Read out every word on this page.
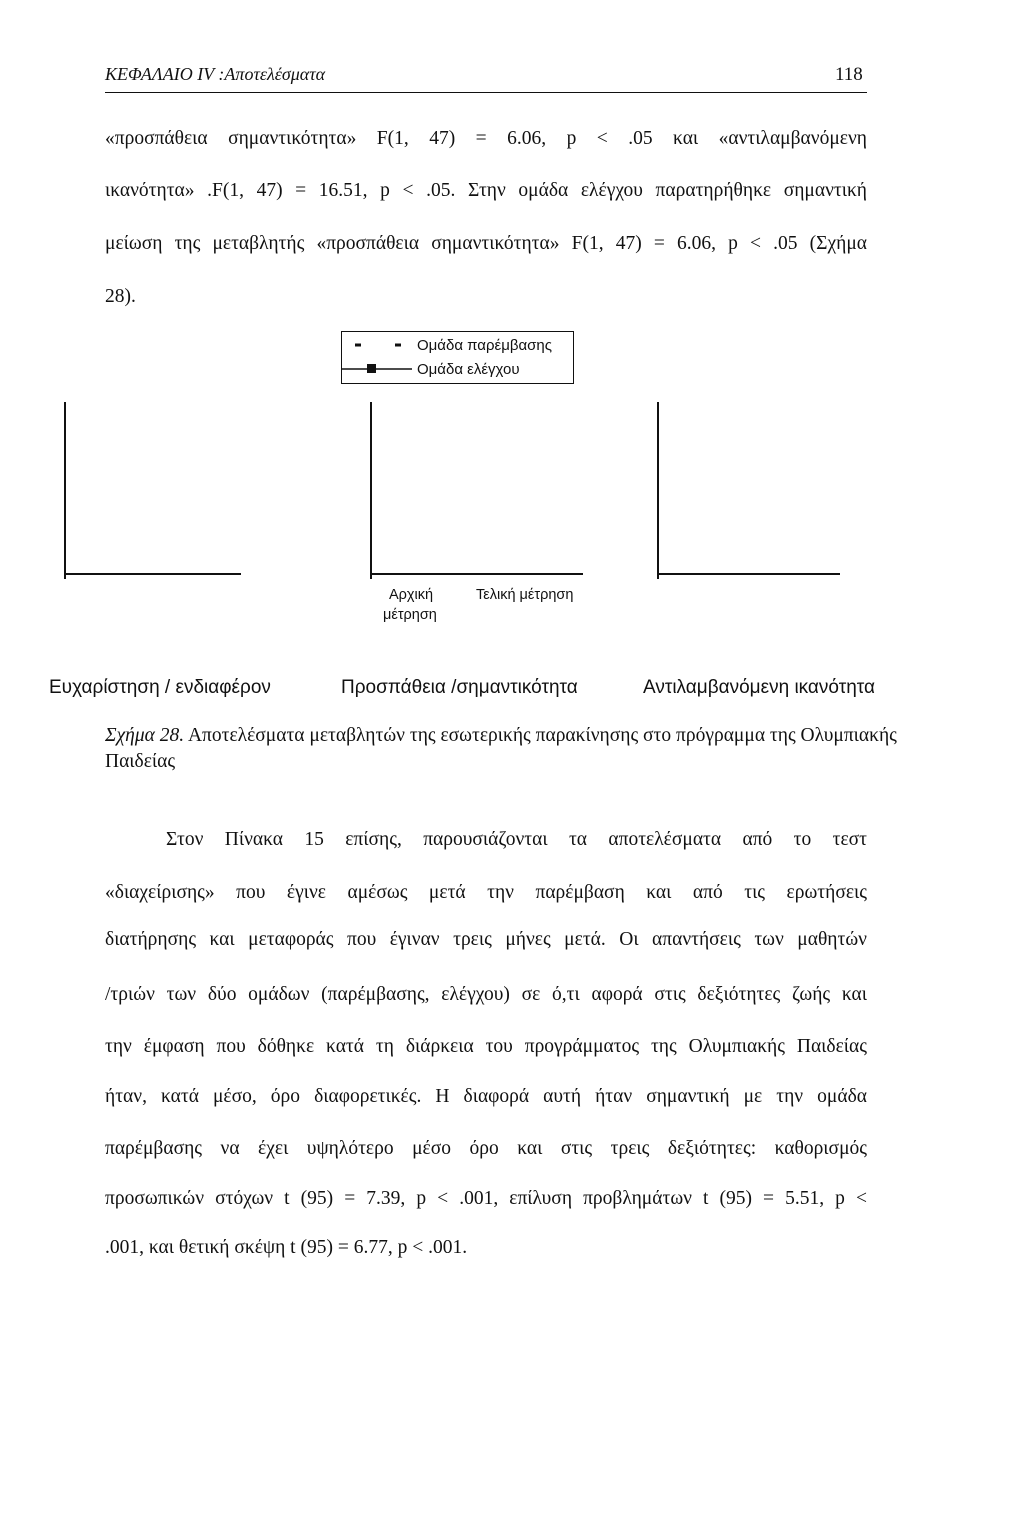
ΚΕΦΑΛΑΙΟ IV :Αποτελέσματα	118
«προσπάθεια σημαντικότητα» F(1, 47) = 6.06, p < .05 και «αντιλαμβανόμενη
ικανότητα» .F(1, 47) = 16.51, p < .05. Στην ομάδα ελέγχου παρατηρήθηκε σημαντική
μείωση της μεταβλητής «προσπάθεια σημαντικότητα» F(1, 47) = 6.06, p < .05 (Σχήμα
28).
Ομάδα παρέμβασης
Ομάδα ελέγχου
Αρχική
μέτρηση
Τελική μέτρηση
Ευχαρίστηση / ενδιαφέρον	Προσπάθεια /σημαντικότητα	Αντιλαμβανόμενη ικανότητα
Σχήμα 28. Αποτελέσματα μεταβλητών της εσωτερικής παρακίνησης στο πρόγραμμα της Ολυμπιακής
Παιδείας
Στον Πίνακα 15 επίσης, παρουσιάζονται τα αποτελέσματα από το τεστ
«διαχείρισης» που έγινε αμέσως μετά την παρέμβαση και από τις ερωτήσεις
διατήρησης και μεταφοράς που έγιναν τρεις μήνες μετά. Οι απαντήσεις των μαθητών
/τριών των δύο ομάδων (παρέμβασης, ελέγχου) σε ό,τι αφορά στις δεξιότητες ζωής και
την έμφαση που δόθηκε κατά τη διάρκεια του προγράμματος της Ολυμπιακής Παιδείας
ήταν, κατά μέσο, όρο διαφορετικές. Η διαφορά αυτή ήταν σημαντική με την ομάδα
παρέμβασης να έχει υψηλότερο μέσο όρο και στις τρεις δεξιότητες: καθορισμός
προσωπικών στόχων t (95) = 7.39, p < .001, επίλυση προβλημάτων t (95) = 5.51, p <
.001, και θετική σκέψη t (95) = 6.77, p < .001.
